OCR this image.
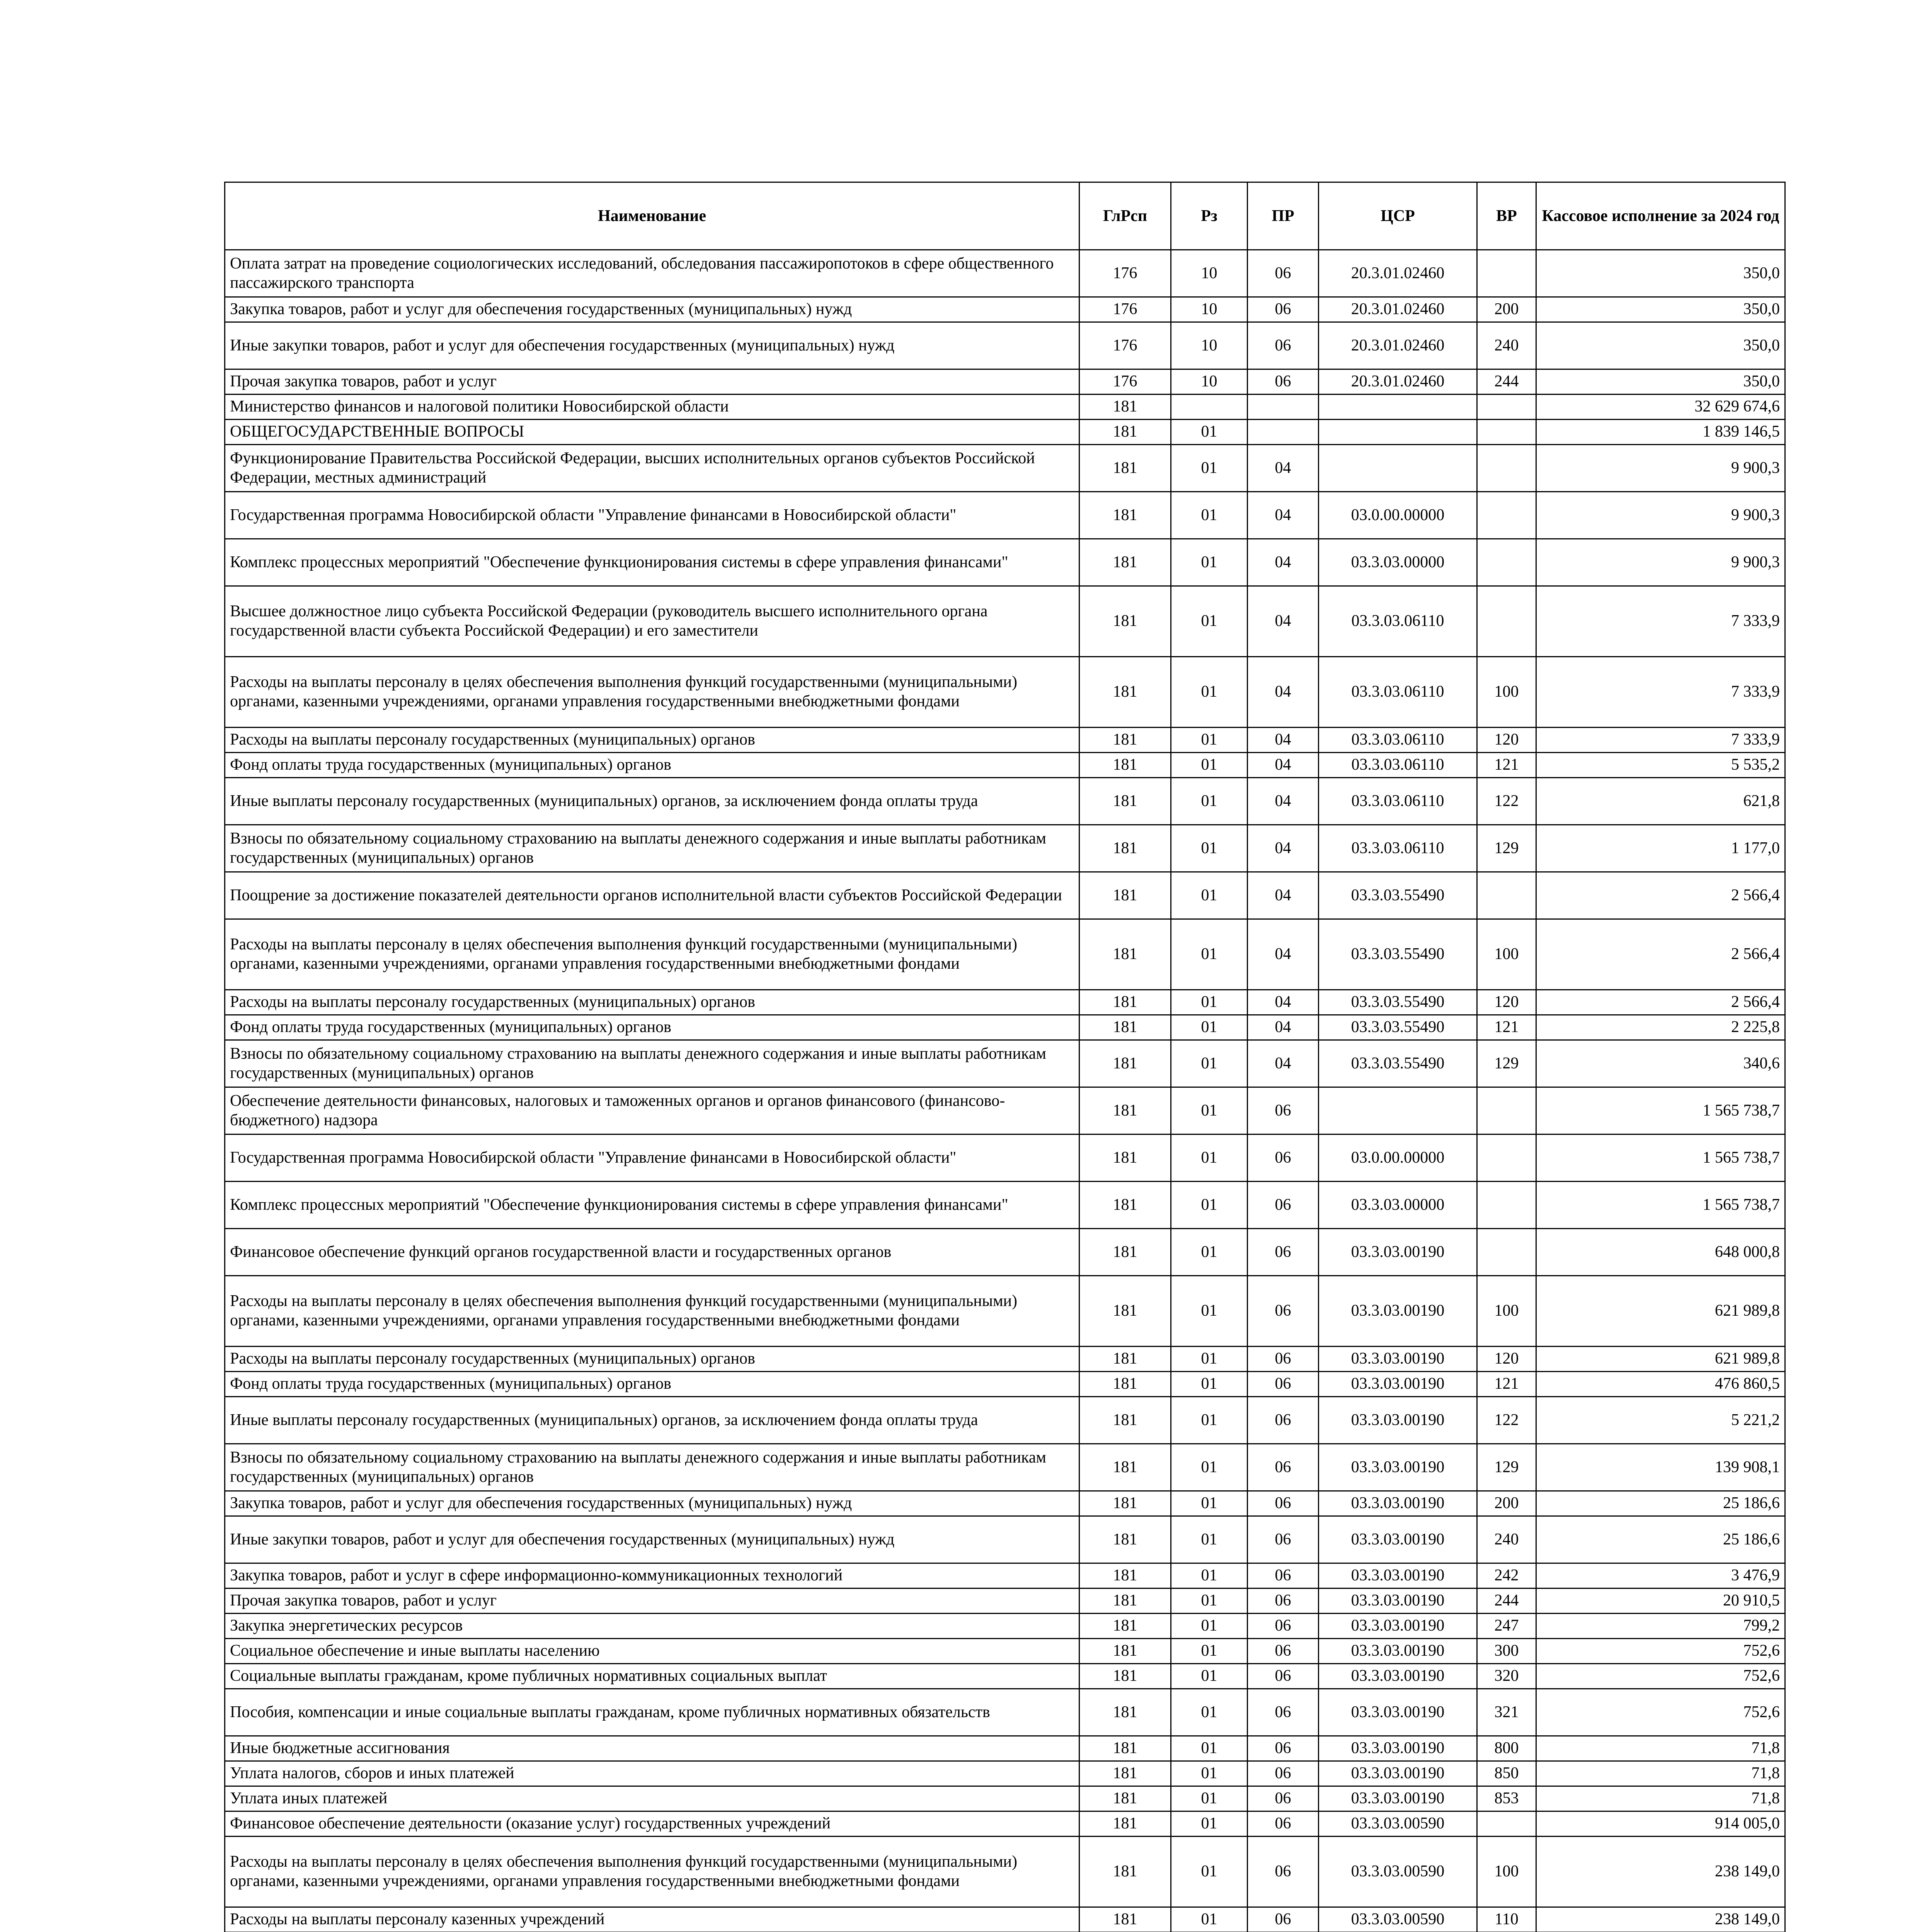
Наименование	ГлРсп	Рз	ПР	ЦСР	ВР	Кассовое исполнение за 2024 год
Оплата затрат на проведение социологических исследований, обследования пассажиропотоков в сфере общественного пассажирского транспорта	176	10	06	20.3.01.02460		350,0
Закупка товаров, работ и услуг для обеспечения государственных (муниципальных) нужд	176	10	06	20.3.01.02460	200	350,0
Иные закупки товаров, работ и услуг для обеспечения государственных (муниципальных) нужд	176	10	06	20.3.01.02460	240	350,0
Прочая закупка товаров, работ и услуг	176	10	06	20.3.01.02460	244	350,0
Министерство финансов и налоговой политики Новосибирской области	181					32 629 674,6
ОБЩЕГОСУДАРСТВЕННЫЕ ВОПРОСЫ	181	01				1 839 146,5
Функционирование Правительства Российской Федерации, высших исполнительных органов субъектов Российской Федерации, местных администраций	181	01	04			9 900,3
Государственная программа Новосибирской области "Управление финансами в Новосибирской области"	181	01	04	03.0.00.00000		9 900,3
Комплекс процессных мероприятий "Обеспечение функционирования системы в сфере управления финансами"	181	01	04	03.3.03.00000		9 900,3
Высшее должностное лицо субъекта Российской Федерации (руководитель высшего исполнительного органа государственной власти субъекта Российской Федерации) и его заместители	181	01	04	03.3.03.06110		7 333,9
Расходы на выплаты персоналу в целях обеспечения выполнения функций государственными (муниципальными) органами, казенными учреждениями, органами управления государственными внебюджетными фондами	181	01	04	03.3.03.06110	100	7 333,9
Расходы на выплаты персоналу государственных (муниципальных) органов	181	01	04	03.3.03.06110	120	7 333,9
Фонд оплаты труда государственных (муниципальных) органов	181	01	04	03.3.03.06110	121	5 535,2
Иные выплаты персоналу государственных (муниципальных) органов, за исключением фонда оплаты труда	181	01	04	03.3.03.06110	122	621,8
Взносы по обязательному социальному страхованию на выплаты денежного содержания и иные выплаты работникам государственных (муниципальных) органов	181	01	04	03.3.03.06110	129	1 177,0
Поощрение за достижение показателей деятельности органов исполнительной власти субъектов Российской Федерации	181	01	04	03.3.03.55490		2 566,4
Расходы на выплаты персоналу в целях обеспечения выполнения функций государственными (муниципальными) органами, казенными учреждениями, органами управления государственными внебюджетными фондами	181	01	04	03.3.03.55490	100	2 566,4
Расходы на выплаты персоналу государственных (муниципальных) органов	181	01	04	03.3.03.55490	120	2 566,4
Фонд оплаты труда государственных (муниципальных) органов	181	01	04	03.3.03.55490	121	2 225,8
Взносы по обязательному социальному страхованию на выплаты денежного содержания и иные выплаты работникам государственных (муниципальных) органов	181	01	04	03.3.03.55490	129	340,6
Обеспечение деятельности финансовых, налоговых и таможенных органов и органов финансового (финансово-бюджетного) надзора	181	01	06			1 565 738,7
Государственная программа Новосибирской области "Управление финансами в Новосибирской области"	181	01	06	03.0.00.00000		1 565 738,7
Комплекс процессных мероприятий "Обеспечение функционирования системы в сфере управления финансами"	181	01	06	03.3.03.00000		1 565 738,7
Финансовое обеспечение функций органов государственной власти и государственных органов	181	01	06	03.3.03.00190		648 000,8
Расходы на выплаты персоналу в целях обеспечения выполнения функций государственными (муниципальными) органами, казенными учреждениями, органами управления государственными внебюджетными фондами	181	01	06	03.3.03.00190	100	621 989,8
Расходы на выплаты персоналу государственных (муниципальных) органов	181	01	06	03.3.03.00190	120	621 989,8
Фонд оплаты труда государственных (муниципальных) органов	181	01	06	03.3.03.00190	121	476 860,5
Иные выплаты персоналу государственных (муниципальных) органов, за исключением фонда оплаты труда	181	01	06	03.3.03.00190	122	5 221,2
Взносы по обязательному социальному страхованию на выплаты денежного содержания и иные выплаты работникам государственных (муниципальных) органов	181	01	06	03.3.03.00190	129	139 908,1
Закупка товаров, работ и услуг для обеспечения государственных (муниципальных) нужд	181	01	06	03.3.03.00190	200	25 186,6
Иные закупки товаров, работ и услуг для обеспечения государственных (муниципальных) нужд	181	01	06	03.3.03.00190	240	25 186,6
Закупка товаров, работ и услуг в сфере информационно-коммуникационных технологий	181	01	06	03.3.03.00190	242	3 476,9
Прочая закупка товаров, работ и услуг	181	01	06	03.3.03.00190	244	20 910,5
Закупка энергетических ресурсов	181	01	06	03.3.03.00190	247	799,2
Социальное обеспечение и иные выплаты населению	181	01	06	03.3.03.00190	300	752,6
Социальные выплаты гражданам, кроме публичных нормативных социальных выплат	181	01	06	03.3.03.00190	320	752,6
Пособия, компенсации и иные социальные выплаты гражданам, кроме публичных нормативных обязательств	181	01	06	03.3.03.00190	321	752,6
Иные бюджетные ассигнования	181	01	06	03.3.03.00190	800	71,8
Уплата налогов, сборов и иных платежей	181	01	06	03.3.03.00190	850	71,8
Уплата иных платежей	181	01	06	03.3.03.00190	853	71,8
Финансовое обеспечение деятельности (оказание услуг) государственных учреждений	181	01	06	03.3.03.00590		914 005,0
Расходы на выплаты персоналу в целях обеспечения выполнения функций государственными (муниципальными) органами, казенными учреждениями, органами управления государственными внебюджетными фондами	181	01	06	03.3.03.00590	100	238 149,0
Расходы на выплаты персоналу казенных учреждений	181	01	06	03.3.03.00590	110	238 149,0
